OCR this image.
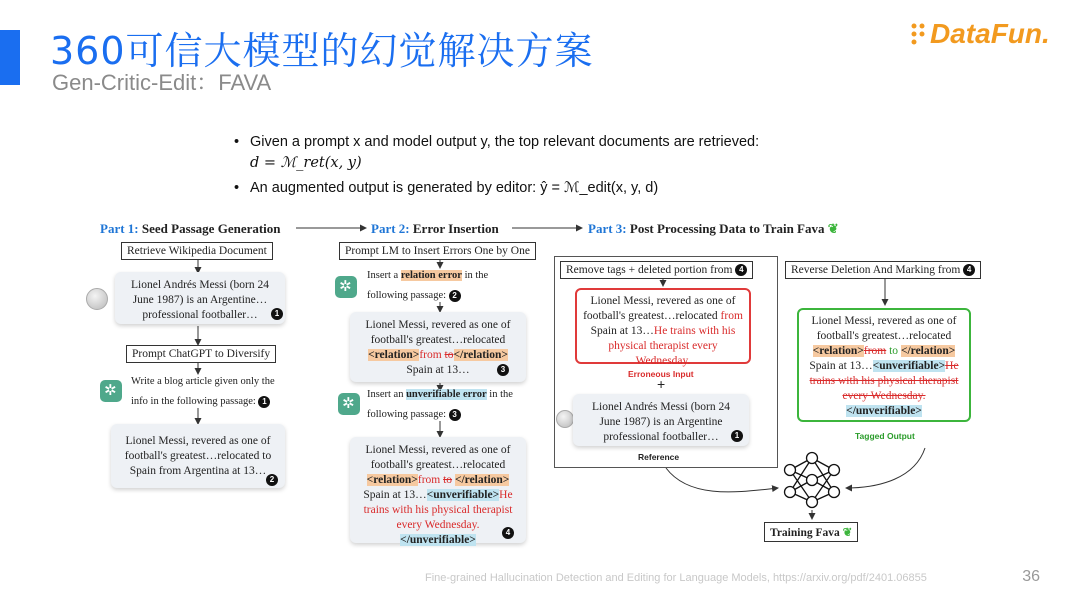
360可信大模型的幻觉解决方案
Gen-Critic-Edit：FAVA
DataFun.
• Given a prompt x and model output y, the top relevant documents are retrieved:
d = ℳ_ret(x, y)
• An augmented output is generated by editor: ŷ = ℳ_edit(x, y, d)
Part 1: Seed Passage Generation	Part 2: Error Insertion	Part 3: Post Processing Data to Train Fava ❦
Retrieve Wikipedia Document
Lionel Andrés Messi (born 24 June 1987) is an Argentine… professional footballer…	1
Prompt ChatGPT to Diversify
✲
Write a blog article given only the info in the following passage: 1
Lionel Messi, revered as one of football's greatest…relocated to Spain from Argentina at 13…
2
Prompt LM to Insert Errors One by One
✲
Insert a relation error in the
following passage: 2
Lionel Messi, revered as one of football's greatest…relocated
<relation>from to</relation>
Spain at 13…	3
✲
Insert an unverifiable error in the
following passage: 3
Lionel Messi, revered as one of football's greatest…relocated
<relation>from to </relation>
Spain at 13…<unverifiable>He trains with his physical therapist every Wednesday.
</unverifiable>
4
Remove tags + deleted portion from 4
Lionel Messi, revered as one of football's greatest…relocated from
Spain at 13…He trains with his physical therapist every Wednesday.
Erroneous Input
+
Lionel Andrés Messi (born 24 June 1987) is an Argentine professional footballer…	1
Reference
Reverse Deletion And Marking from 4
Lionel Messi, revered as one of football's greatest…relocated
<relation>from to </relation>
Spain at 13…<unverifiable>He trains with his physical therapist every Wednesday.
</unverifiable>
Tagged Output
Training Fava ❦
Fine-grained Hallucination Detection and Editing for Language Models, https://arxiv.org/pdf/2401.06855	36
